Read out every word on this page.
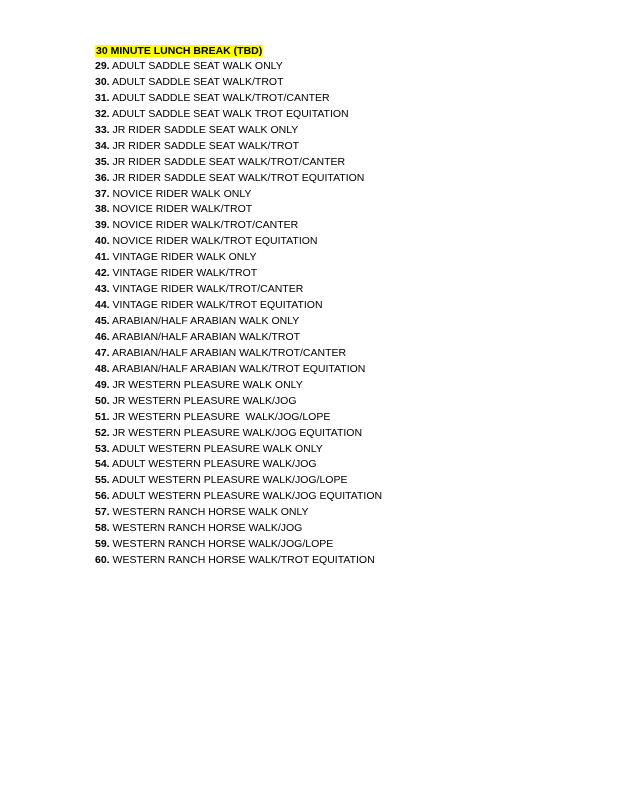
30 MINUTE LUNCH BREAK (TBD)
29. ADULT SADDLE SEAT WALK ONLY
30. ADULT SADDLE SEAT WALK/TROT
31. ADULT SADDLE SEAT WALK/TROT/CANTER
32. ADULT SADDLE SEAT WALK TROT EQUITATION
33. JR RIDER SADDLE SEAT WALK ONLY
34. JR RIDER SADDLE SEAT WALK/TROT
35. JR RIDER SADDLE SEAT WALK/TROT/CANTER
36. JR RIDER SADDLE SEAT WALK/TROT EQUITATION
37. NOVICE RIDER WALK ONLY
38. NOVICE RIDER WALK/TROT
39. NOVICE RIDER WALK/TROT/CANTER
40. NOVICE RIDER WALK/TROT EQUITATION
41. VINTAGE RIDER WALK ONLY
42. VINTAGE RIDER WALK/TROT
43. VINTAGE RIDER WALK/TROT/CANTER
44. VINTAGE RIDER WALK/TROT EQUITATION
45. ARABIAN/HALF ARABIAN WALK ONLY
46. ARABIAN/HALF ARABIAN WALK/TROT
47. ARABIAN/HALF ARABIAN WALK/TROT/CANTER
48. ARABIAN/HALF ARABIAN WALK/TROT EQUITATION
49. JR WESTERN PLEASURE WALK ONLY
50. JR WESTERN PLEASURE WALK/JOG
51. JR WESTERN PLEASURE  WALK/JOG/LOPE
52. JR WESTERN PLEASURE WALK/JOG EQUITATION
53. ADULT WESTERN PLEASURE WALK ONLY
54. ADULT WESTERN PLEASURE WALK/JOG
55. ADULT WESTERN PLEASURE WALK/JOG/LOPE
56. ADULT WESTERN PLEASURE WALK/JOG EQUITATION
57. WESTERN RANCH HORSE WALK ONLY
58. WESTERN RANCH HORSE WALK/JOG
59. WESTERN RANCH HORSE WALK/JOG/LOPE
60. WESTERN RANCH HORSE WALK/TROT EQUITATION
